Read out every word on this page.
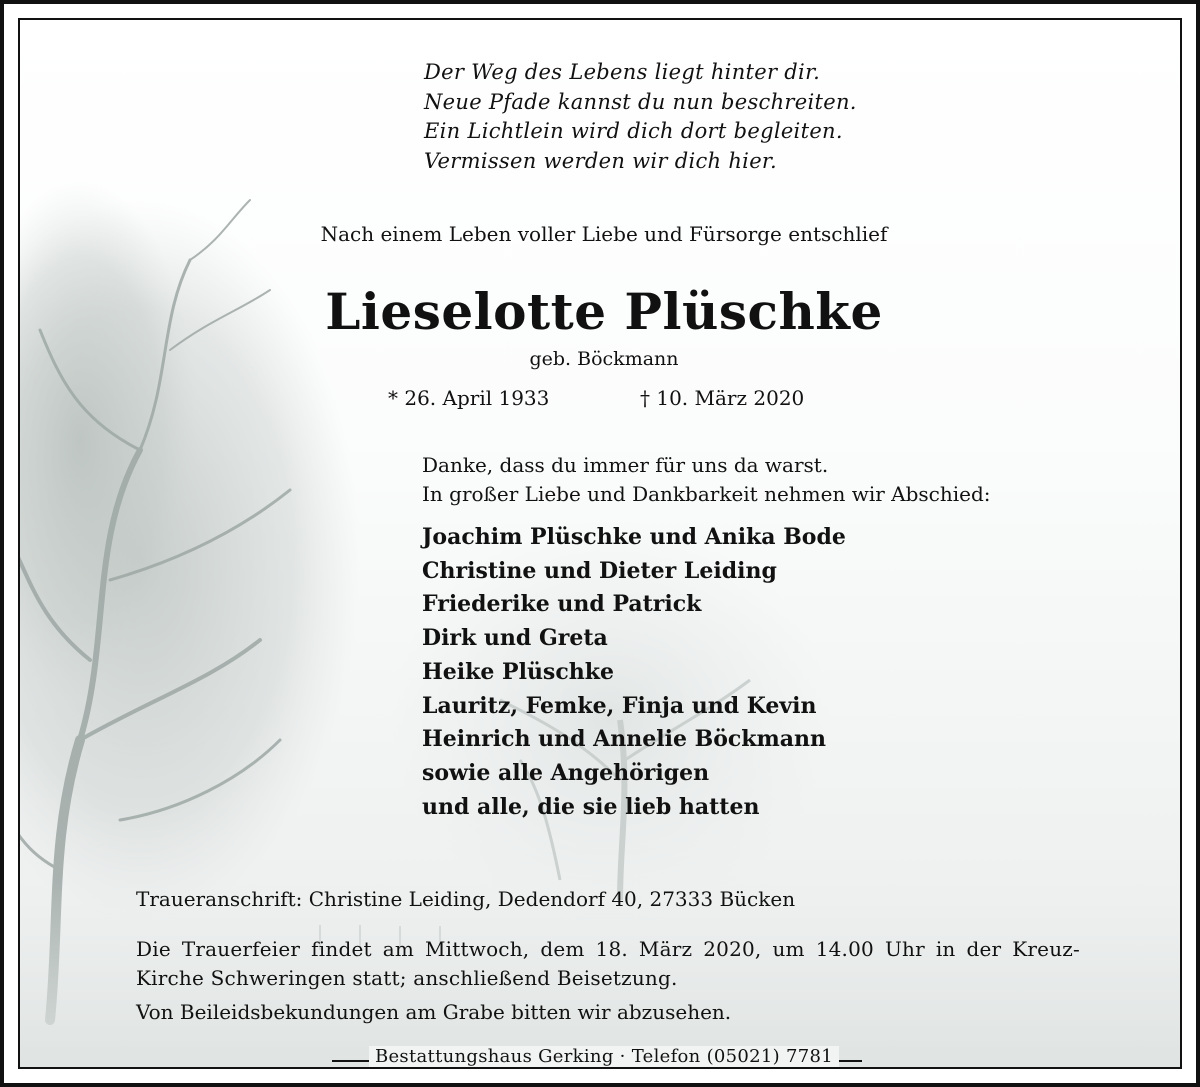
Der Weg des Lebens liegt hinter dir.
Neue Pfade kannst du nun beschreiten.
Ein Lichtlein wird dich dort begleiten.
Vermissen werden wir dich hier.
Nach einem Leben voller Liebe und Fürsorge entschlief
Lieselotte Plüschke
geb. Böckmann
* 26. April 1933	† 10. März 2020
Danke, dass du immer für uns da warst.
In großer Liebe und Dankbarkeit nehmen wir Abschied:
Joachim Plüschke und Anika Bode
Christine und Dieter Leiding
Friederike und Patrick
Dirk und Greta
Heike Plüschke
Lauritz, Femke, Finja und Kevin
Heinrich und Annelie Böckmann
sowie alle Angehörigen
und alle, die sie lieb hatten
Traueranschrift: Christine Leiding, Dedendorf 40, 27333 Bücken
Die Trauerfeier findet am Mittwoch, dem 18. März 2020, um 14.00 Uhr in der Kreuz-Kirche Schweringen statt; anschließend Beisetzung.
Von Beileidsbekundungen am Grabe bitten wir abzusehen.
Bestattungshaus Gerking · Telefon (05021) 7781
